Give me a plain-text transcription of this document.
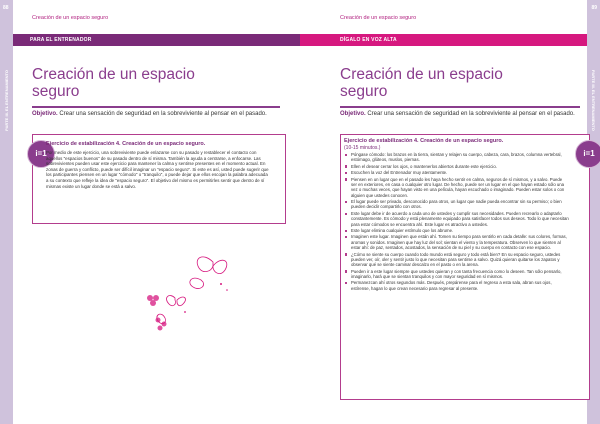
88
PARTE III. EL ENTRENAMIENTO
Creación de un espacio seguro
PARA EL ENTRENADOR
Creación de un espacio
seguro
Objetivo. Crear una sensación de seguridad en la sobreviviente al pensar en el pasado.
i=1
Ejercicio de estabilización 4. Creación de un espacio seguro.
Por medio de este ejercicio, una sobreviviente puede enlazarse con su pasado y restablecer el contacto con aquellos "espacios buenos" de su pasado dentro de sí misma. También la ayuda a centrarse, a enfocarse. Las sobrevivientes pueden usar este ejercicio para mantener la calma y sentirse presentes en el momento actual. En zonas de guerra y conflicto, puede ser difícil imaginar un "espacio seguro". Si este es así, usted puede sugerir que los participantes piensen en un lugar "cómodo" o "tranquilo", o puede dejar que ellos escojan la palabra adecuada a su contexto que refleje la idea de "espacio seguro". El objetivo del mismo es permitirles sentir que dentro de sí mismas existe un lugar donde se está a salvo.
89
PARTE III. EL ENTRENAMIENTO
Creación de un espacio seguro
DÍGALO EN VOZ ALTA
Creación de un espacio
seguro
Objetivo. Crear una sensación de seguridad en la sobreviviente al pensar en el pasado.
i=1
Ejercicio de estabilización 4. Creación de un espacio seguro.
(10-15 minutos.)
Póngase cómodo: los brazos en la tierra, sientan y relajen su cuerpo, cabeza, cara, brazos, columna vertebral, estómago, glúteos, muslos, piernas.
Ellen el desear cerrar los ojos, o mantenerlos abiertos durante este ejercicio.
Escuchen la voz del Entrenador muy atentamente.
Piensen en un lugar que en el pasado les haya hecho sentir en calma, seguros de sí mismos, y a salvo. Puede ser en exteriores, en casa o cualquier otro lugar. De hecho, puede ser un lugar en el que hayan estado sólo una vez o muchas veces, que hayan visto en una película, hayan escuchado o imaginado. Pueden estar solos o con alguien que ustedes conocen.
El lugar puede ser privado, desconocido para otros, un lugar que nadie pueda encontrar sin su permiso; o bien pueden decidir compartirlo con otros.
Este lugar debe ir de acuerdo a cada uno de ustedes y cumplir sus necesidades. Pueden recrearlo o adaptarlo constantemente. Es cómodo y está plenamente equipado para satisfacer todos sus deseos. Todo lo que necesitan para estar cómodos se encuentra ahí. Este lugar es atractivo a ustedes.
Este lugar elimina cualquier estímulo que los abrume.
Imaginen este lugar. Imaginen que están ahí. Tomen su tiempo para sentirlo en cada detalle: sus colores, formas, aromas y sonidos. Imaginen que hay luz del sol; sientan el viento y la temperatura. Observen lo que sienten al estar ahí: de paz, sentados, acostados, la sensación de su piel y su cuerpo en contacto con ese espacio.
¿Cómo se siente su cuerpo cuando todo mundo está seguro y todo está bien? En su espacio seguro, ustedes pueden ver, oír, oler y sentir justo lo que necesitan para sentirse a salvo. Quizá quieran quitarse los zapatos y observar qué se siente caminar descalzo en el pasto o en la arena.
Pueden ir a este lugar siempre que ustedes quieran y con tanta frecuencia como lo deseen. Tan sólo pensarlo, imaginarlo, hará que se sientan tranquilos y con mayor seguridad en sí mismos.
Permanezcan ahí otros segundos más. Después, prepárense para el regreso a esta sala, abran sus ojos, estírense, hagan lo que crean necesario para regresar al presente.
